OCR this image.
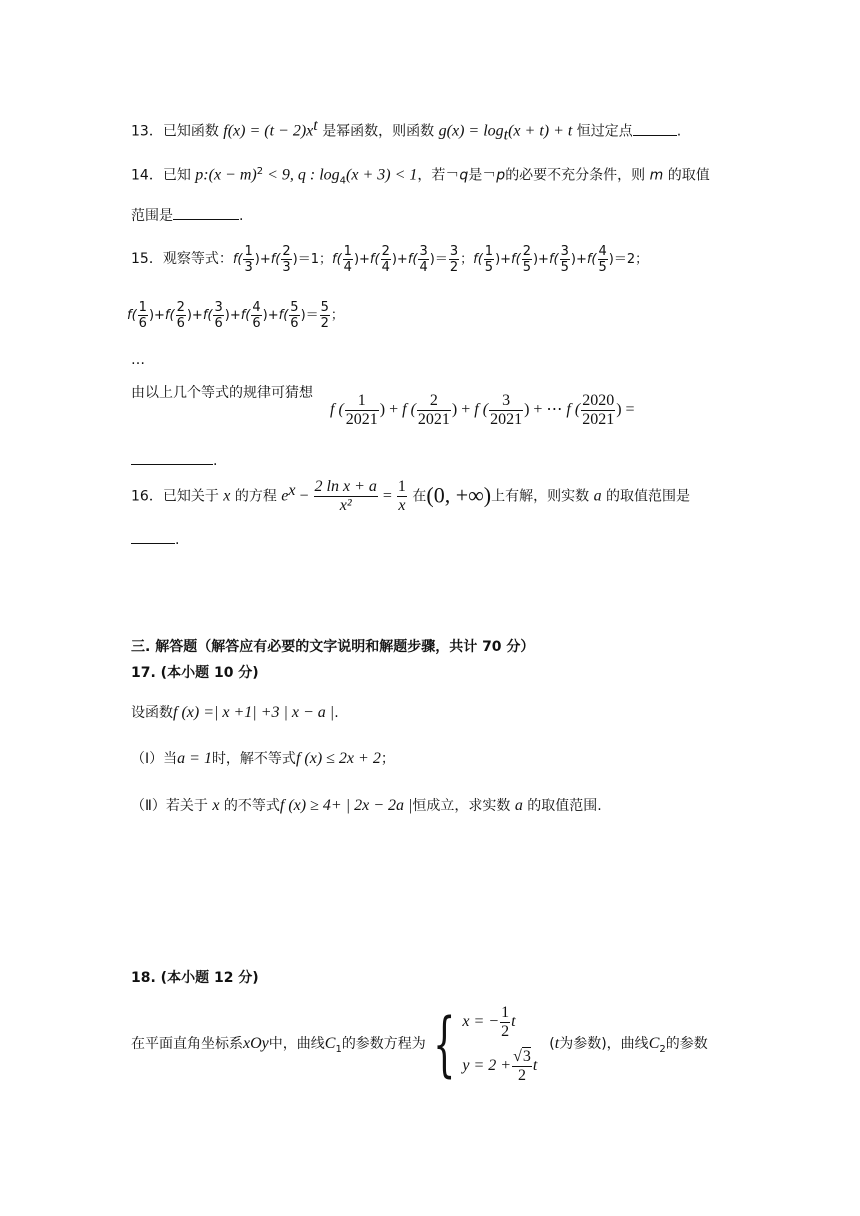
13．已知函数 $f(x) = (t - 2)x^t$ 是幂函数，则函数 $g(x) = \log_t(x + t) + t$ 恒过定点	.
14．已知 p:(x − m)$^2$ < 9, q : $\log_4(x + 3) < 1$，若￢q是￢p的必要不充分条件，则 m 的取值
范围是	.
15．观察等式：$f( \frac{1}{3} )+f( \frac{2}{3} )=1$；$f( \frac{1}{4} )+f( \frac{2}{4} )+f( \frac{3}{4}$ )＝ $\frac{3}{2}$ ；$f( \frac{1}{5} )+f( \frac{2}{5} )+f( \frac{3}{5} )+f( \frac{4}{5} )=2$；
$f( \frac{1}{6} )+f( \frac{2}{6} )+f( \frac{3}{6} )+f( \frac{4}{6} )+f( \frac{5}{6}$ )＝ $\frac{5}{2}$ ；
…
由以上几个等式的规律可猜想
f ( $\frac{1}{2021}$ ) + f ( $\frac{2}{2021}$ ) + f ( $\frac{3}{2021}$ ) + ⋯ f ( $\frac{2020}{2021}$ ) =
.
16．已知关于 x 的方程 $e^x - \frac{\text{2 ln x + a}}{\text{x²}} = \frac{1}{x}$ 在(0, +∞)上有解，则实数 a 的取值范围是
.
三. 解答题（解答应有必要的文字说明和解题步骤，共计 70 分）
17. (本小题 10 分)
设函数f (x) =| x +1| +3 | x − a |.
（Ⅰ）当a = 1时，解不等式f (x) ≤ 2x + 2；
（Ⅱ）若关于 x 的不等式f (x) ≥ 4+ | 2x − 2a |恒成立，求实数 a 的取值范围.
18. (本小题 12 分)
在平面直角坐标系xOy中，曲线$C_1$的参数方程为 { x = − $\frac{1}{2}$ t
$y = 2 + \frac{√3}{2}$ t
(t为参数)，曲线$C_2$的参数
